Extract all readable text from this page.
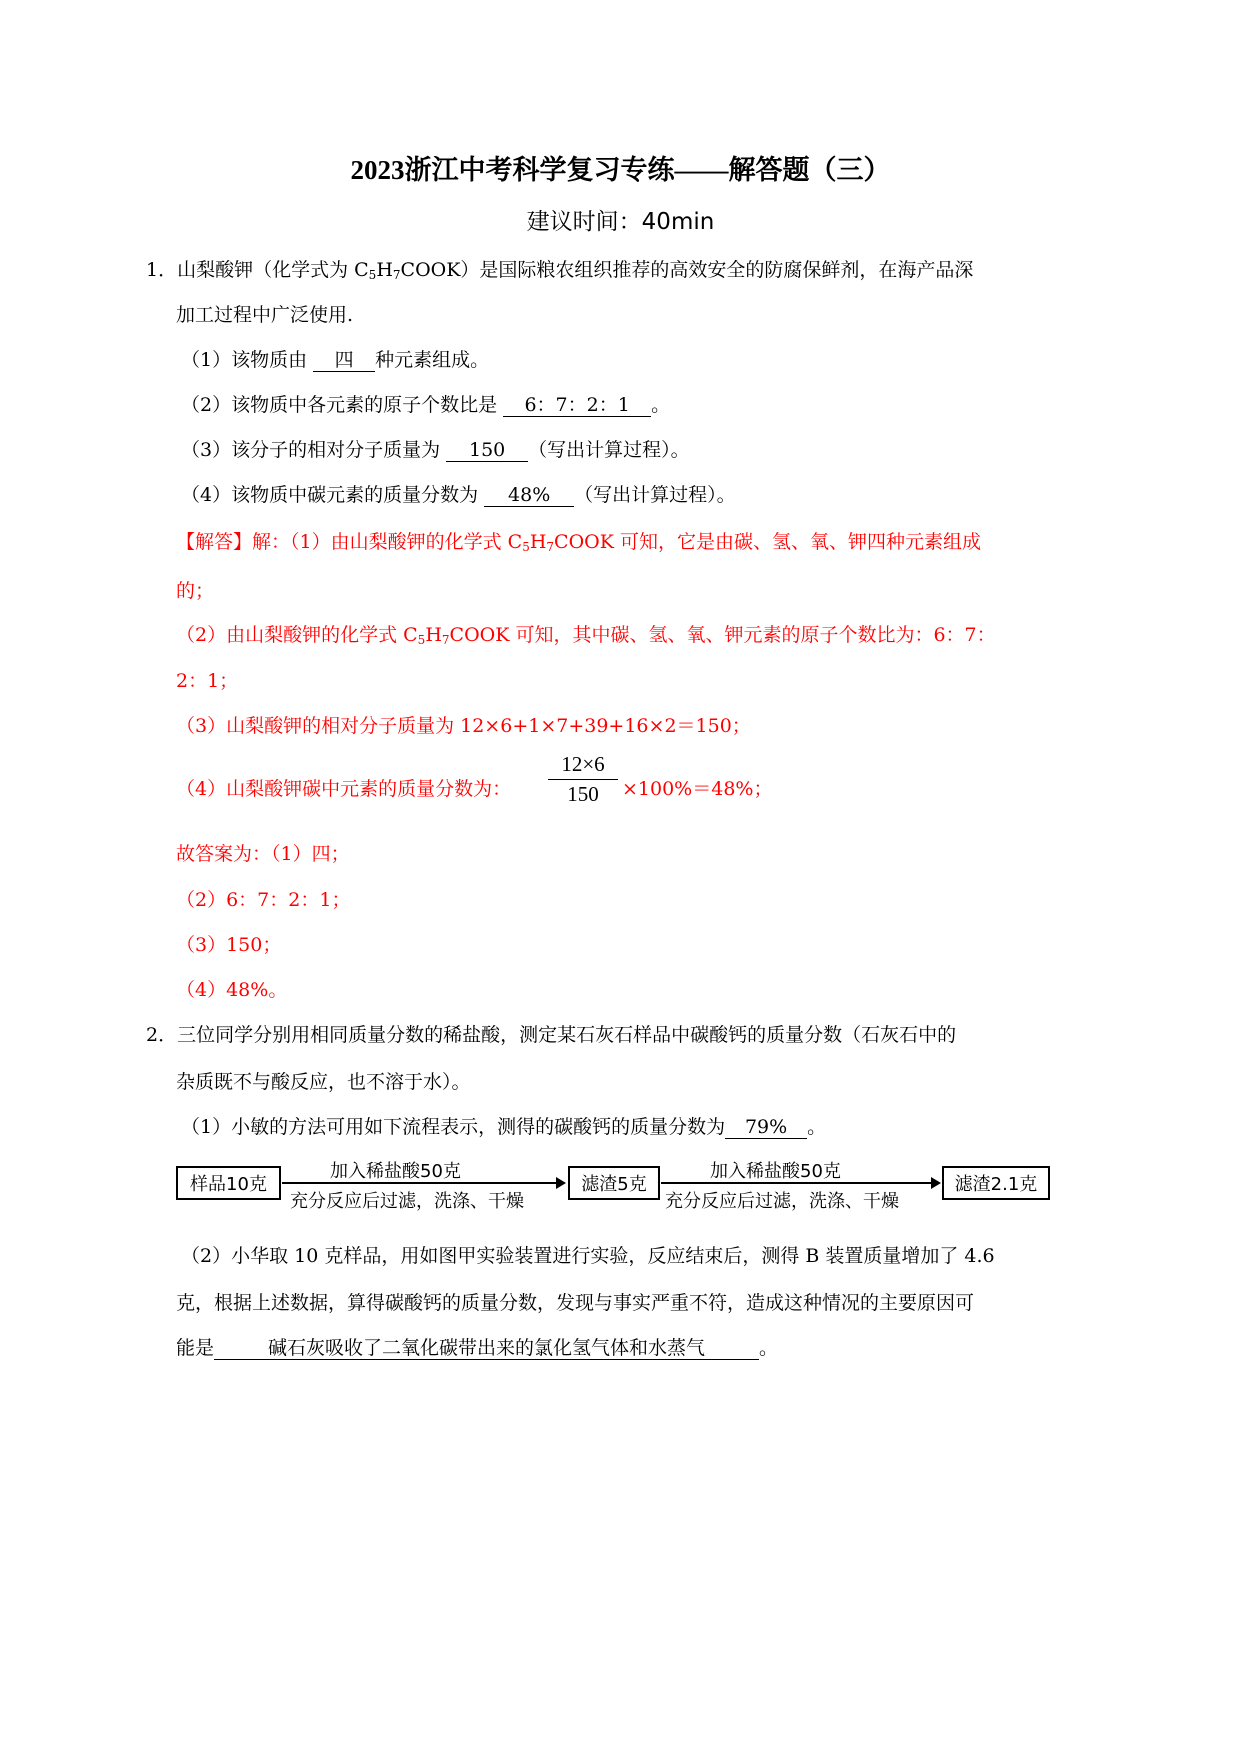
2023浙江中考科学复习专练——解答题（三）
建议时间：40min
1．山梨酸钾（化学式为 $C_5H_7COOK$）是国际粮农组织推荐的高效安全的防腐保鲜剂，在海产品深
加工过程中广泛使用.
（1）该物质由 四 种元素组成。
（2）该物质中各元素的原子个数比是 6：7：2：1 。
（3）该分子的相对分子质量为 150 （写出计算过程）。
（4）该物质中碳元素的质量分数为 48% （写出计算过程）。
【解答】解：（1）由山梨酸钾的化学式 $C_5H_7COOK$ 可知，它是由碳、氢、氧、钾四种元素组成
的；
（2）由山梨酸钾的化学式 $C_5H_7COOK$ 可知，其中碳、氢、氧、钾元素的原子个数比为：6：7：
2：1；
（3）山梨酸钾的相对分子质量为 12×6+1×7+39+16×2＝150；
（4）山梨酸钾碳中元素的质量分数为：
12×6
150	×100%＝48%；
故答案为：（1）四；
（2）6：7：2：1；
（3）150；
（4）48%。
2．三位同学分别用相同质量分数的稀盐酸，测定某石灰石样品中碳酸钙的质量分数（石灰石中的
杂质既不与酸反应，也不溶于水）。
（1）小敏的方法可用如下流程表示，测得的碳酸钙的质量分数为 79% 。
样品10克
加入稀盐酸50克
充分反应后过滤，洗涤、干燥
滤渣5克
加入稀盐酸50克
充分反应后过滤，洗涤、干燥
滤渣2.1克
（2）小华取 10 克样品，用如图甲实验装置进行实验，反应结束后，测得 B 装置质量增加了 4.6
克，根据上述数据，算得碳酸钙的质量分数，发现与事实严重不符，造成这种情况的主要原因可
能是	碱石灰吸收了二氧化碳带出来的氯化氢气体和水蒸气	。
